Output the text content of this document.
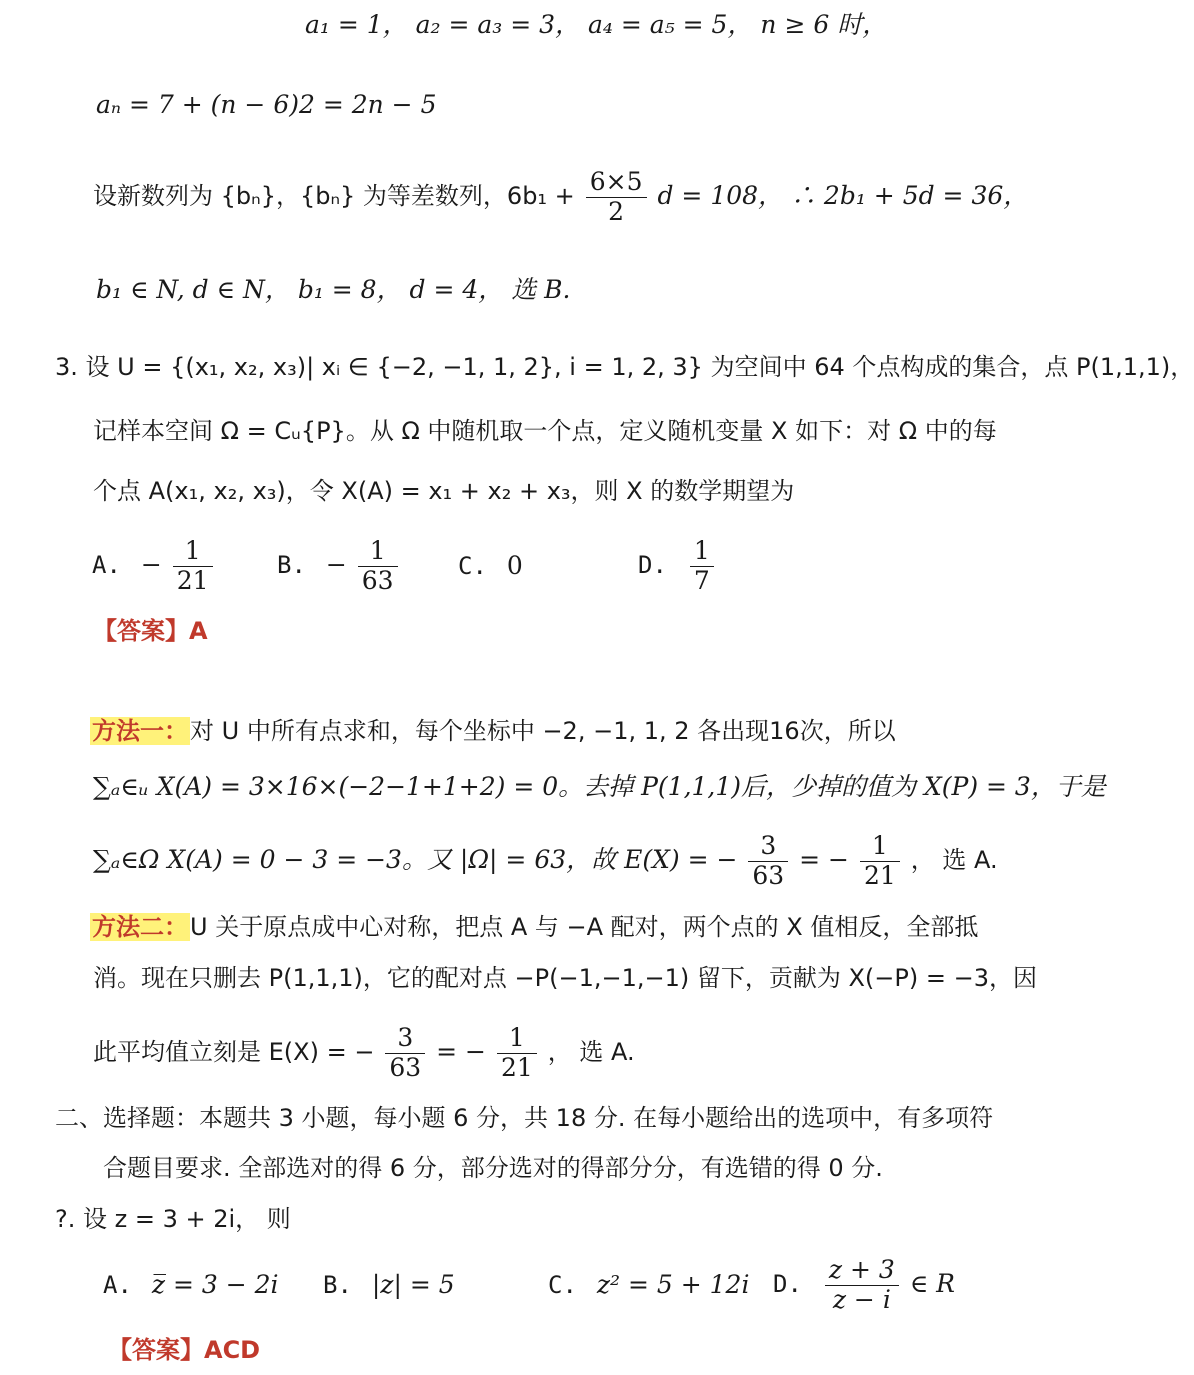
a₁ = 1， a₂ = a₃ = 3， a₄ = a₅ = 5， n ≥ 6 时，
aₙ = 7 + (n − 6)2 = 2n − 5
设新数列为 {bₙ}，{bₙ} 为等差数列，$6b_1 + \frac{6\times 5}{2}$ d = 108， ∴ 2b₁ + 5d = 36，
b₁ ∈ N, d ∈ N， b₁ = 8， d = 4， 选 B.
3. 设 U = {(x₁, x₂, x₃)| xᵢ ∈ {−2, −1, 1, 2}, i = 1, 2, 3} 为空间中 64 个点构成的集合，点 P(1,1,1)，
记样本空间 Ω = Cᵤ{P}。从 Ω 中随机取一个点，定义随机变量 X 如下：对 Ω 中的每
个点 A(x₁, x₂, x₃)，令 X(A) = x₁ + x₂ + x₃，则 X 的数学期望为
A. − $\frac{1}{21}$	B. − $\frac{1}{63}$	C. 0	D. $\frac{1}{7}$
【答案】A
方法一：对 U 中所有点求和，每个坐标中 −2, −1, 1, 2 各出现16次，所以
∑ₐ∈ᵤ X(A) = 3×16×(−2−1+1+2) = 0。去掉 P(1,1,1)后，少掉的值为 X(P) = 3，于是
∑ₐ∈Ω X(A) = 0 − 3 = −3。又 |Ω| = 63，故 E(X) = − $\frac{3}{63}$ = − $\frac{1}{21}$ ， 选 A.
方法二：U 关于原点成中心对称，把点 A 与 −A 配对，两个点的 X 值相反，全部抵
消。现在只删去 P(1,1,1)，它的配对点 −P(−1,−1,−1) 留下，贡献为 X(−P) = −3，因
此平均值立刻是 E(X) = − $\frac{3}{63}$ = − $\frac{1}{21}$ ， 选 A.
二、选择题：本题共 3 小题，每小题 6 分，共 18 分. 在每小题给出的选项中，有多项符
合题目要求. 全部选对的得 6 分，部分选对的得部分分，有选错的得 0 分.
?. 设 z = 3 + 2i， 则
A. z̅ = 3 − 2i B. |z| = 5	C. z² = 5 + 12i D. $\frac{z + 3}{z - i}$ ∈ R
【答案】ACD
